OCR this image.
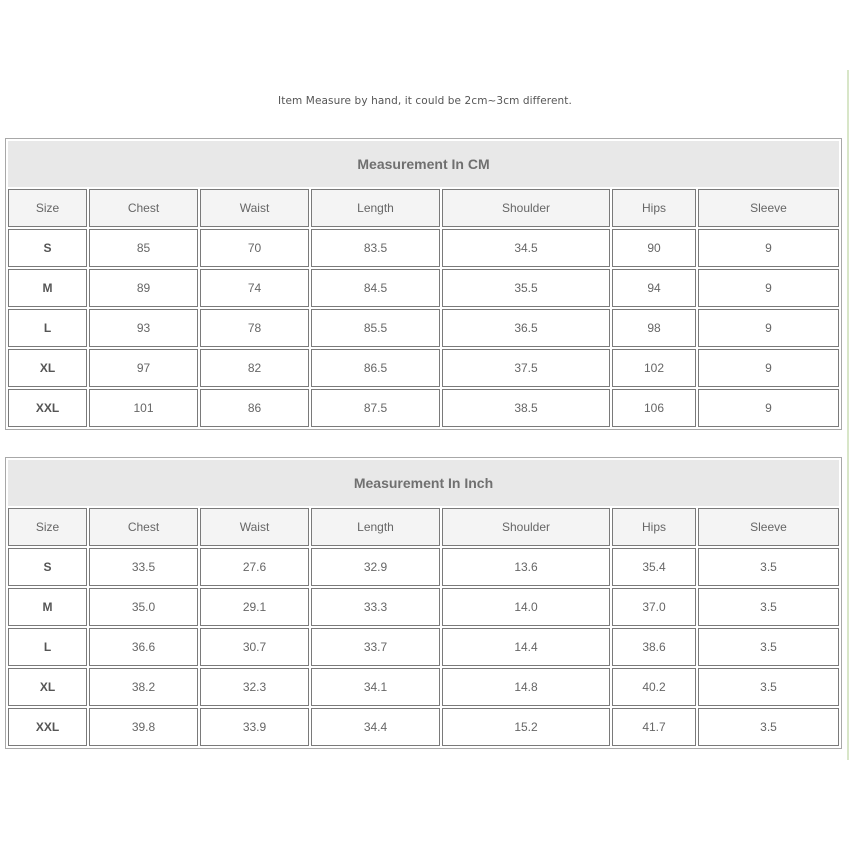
Item Measure by hand, it could be 2cm~3cm different.
Measurement In CM						
Size	Chest	Waist	Length	Shoulder	Hips	Sleeve
S	85	70	83.5	34.5	90	9
M	89	74	84.5	35.5	94	9
L	93	78	85.5	36.5	98	9
XL	97	82	86.5	37.5	102	9
XXL	101	86	87.5	38.5	106	9
Measurement In Inch						
Size	Chest	Waist	Length	Shoulder	Hips	Sleeve
S	33.5	27.6	32.9	13.6	35.4	3.5
M	35.0	29.1	33.3	14.0	37.0	3.5
L	36.6	30.7	33.7	14.4	38.6	3.5
XL	38.2	32.3	34.1	14.8	40.2	3.5
XXL	39.8	33.9	34.4	15.2	41.7	3.5
